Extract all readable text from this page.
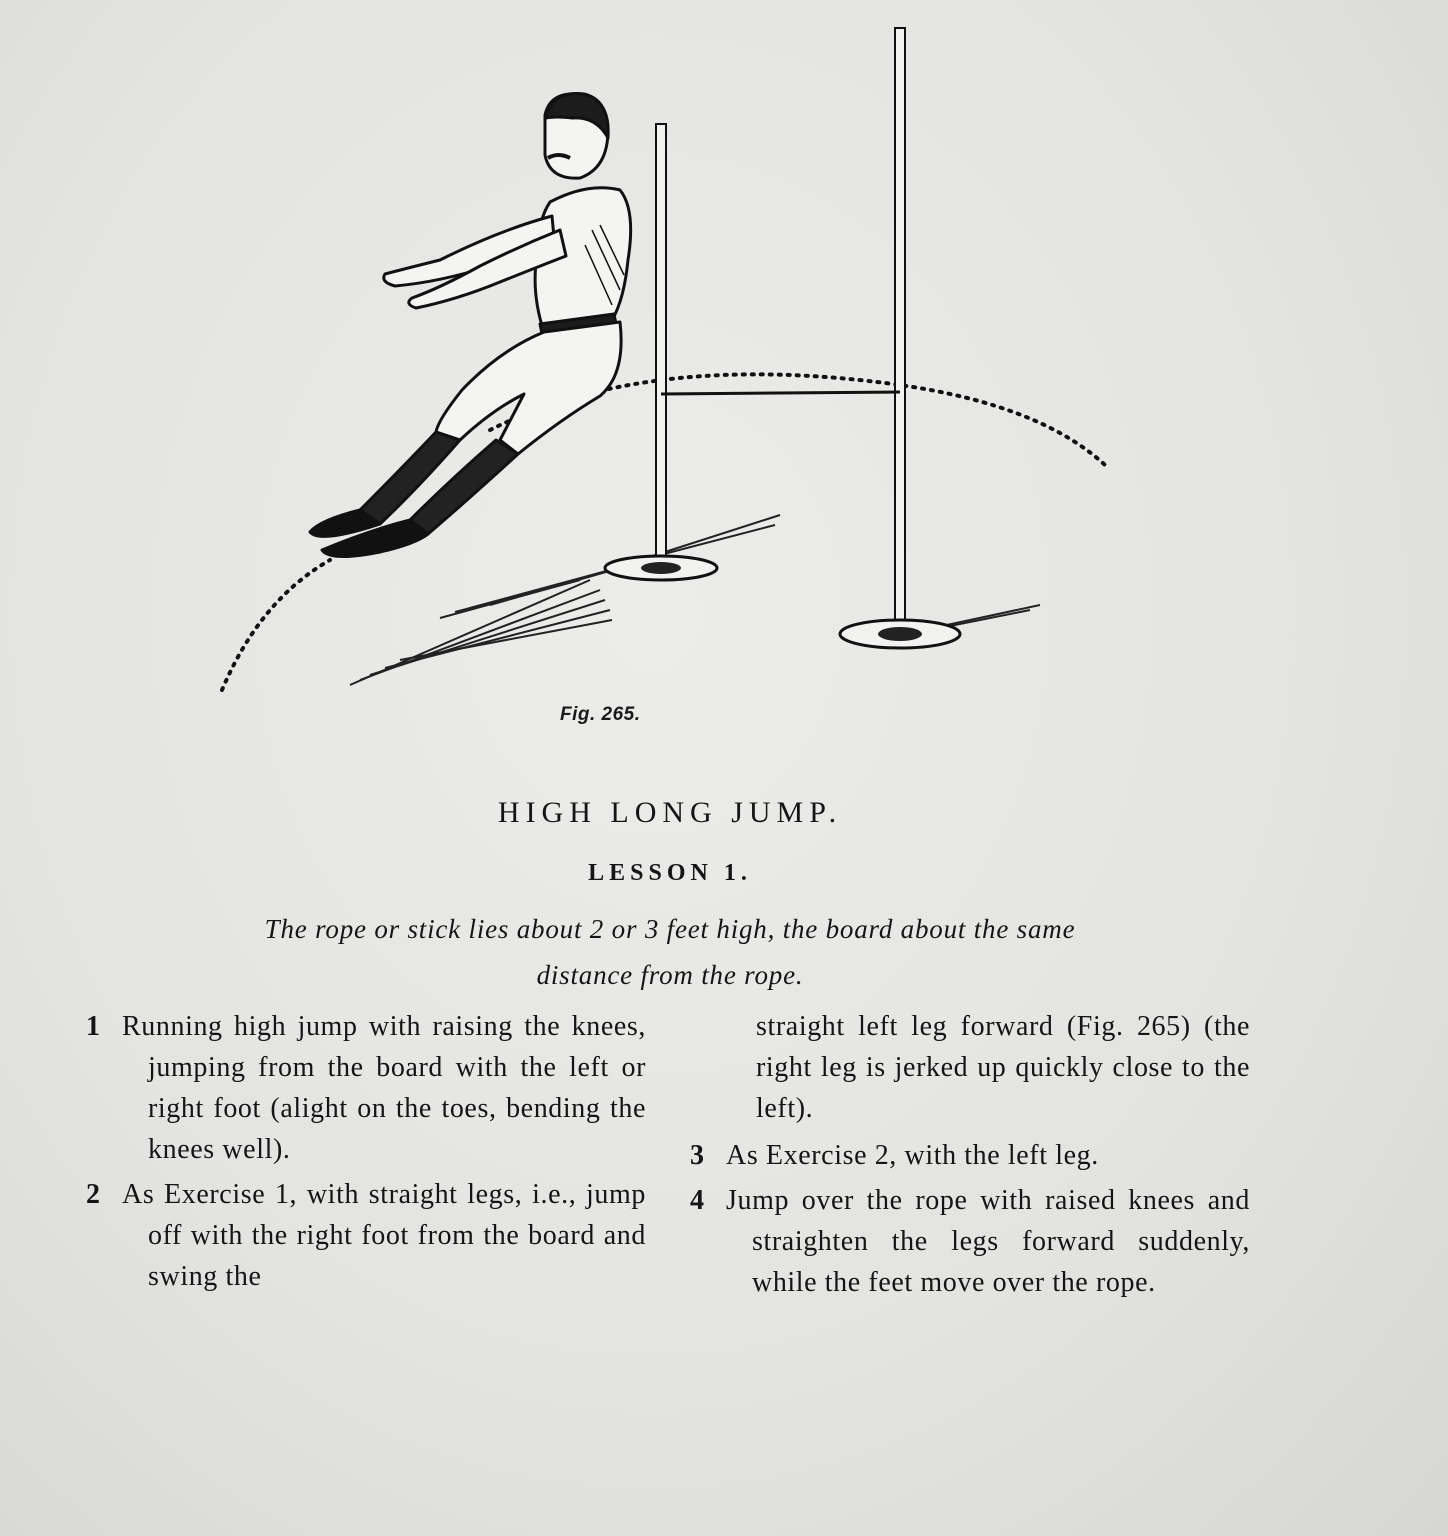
Fig. 265.
HIGH LONG JUMP.
LESSON 1.
The rope or stick lies about 2 or 3 feet high, the board about the same
distance from the rope.
1 Running high jump with raising the knees, jumping from the board with the left or right foot (alight on the toes, bending the knees well).
2 As Exercise 1, with straight legs, i.e., jump off with the right foot from the board and swing the
straight left leg forward (Fig. 265) (the right leg is jerked up quickly close to the left).
3 As Exercise 2, with the left leg.
4 Jump over the rope with raised knees and straighten the legs forward suddenly, while the feet move over the rope.
